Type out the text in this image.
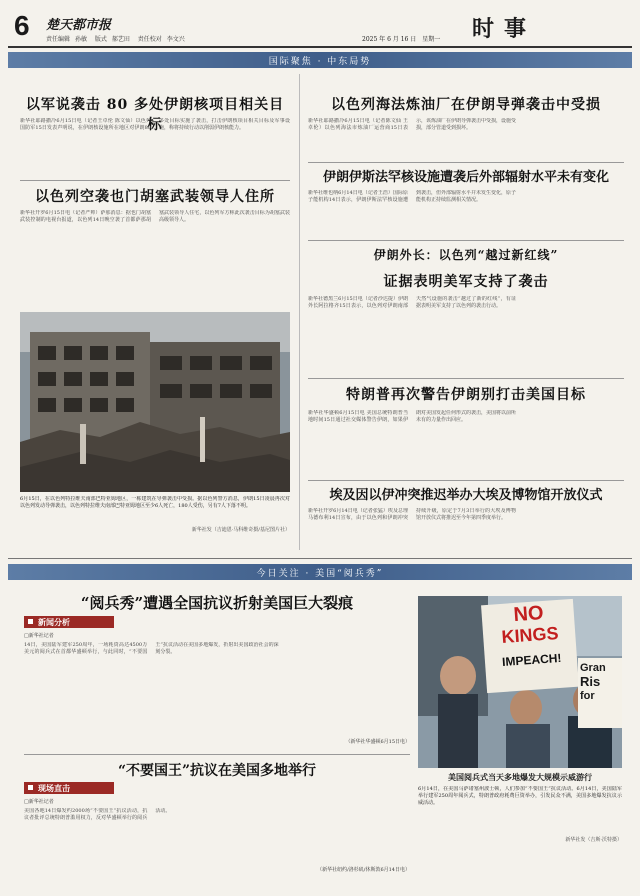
6 楚天都市报
责任编辑 孙敏 版式 郝艺田 责任校对 李文兴	2025 年 6 月 16 日 星期一 时事
国际聚焦 · 中东局势
以军说袭击 80 多处伊朗核项目相关目标
新华社耶路撒冷6月15日电（记者王卓伦 陈文仙）以色列国防军15日发表声明说，在伊朗核设施所在地区对伊朗80多处目标实施了袭击，打击伊朗核项目相关目标及军事设施，称将持续行动以削弱伊朗核能力。
以色列空袭也门胡塞武装领导人住所
新华社开罗6月15日电（记者严帅）萨那消息：据也门胡塞武装控制的电视台报道，以色列14日晚空袭了首都萨那胡塞武装领导人住宅，以色列军方称此次袭击目标为胡塞武装高级领导人。
6月15日，在以色列特拉维夫南部巴特亚姆地区，一栋建筑在导弹袭击中受损。据以色列警方消息，伊朗15日凌晨再次对以色列发动导弹袭击，以色列特拉维夫南部巴特亚姆地区至少6人死亡，180人受伤，另有7人下落不明。
新华社发（吉迪恩·马科维奇摄/基尼图片社）
以色列海法炼油厂在伊朗导弹袭击中受损
新华社耶路撒冷6月15日电（记者陈文仙 王卓伦）以色列海法市炼油厂运营商15日表示，该炼油厂在伊朗导弹袭击中受损，设施受损，部分管道受到损坏。
伊朗伊斯法罕核设施遭袭后外部辐射水平未有变化
新华社维也纳6月14日电（记者王浩）国际原子能机构14日表示，伊朗伊斯法罕核设施遭到袭击，但外部辐射水平并未发生变化，原子能机构正持续监测相关情况。
伊朗外长：以色列“越过新红线”
证据表明美军支持了袭击
新华社德黑兰6月15日电（记者沙达提）伊朗外长阿拉格齐15日表示，以色列对伊朗南部天然气设施的袭击“越过了新的红线”，有证据表明美军支持了以色列的袭击行动。
特朗普再次警告伊朗别打击美国目标
新华社华盛顿6月15日电 美国总统特朗普当地时间15日通过社交媒体警告伊朗，如果伊朗对美国发起任何形式的袭击，美国将以前所未有的力量作出回应。
埃及因以伊冲突推迟举办大埃及博物馆开放仪式
新华社开罗6月14日电（记者张猛）埃及总理马德布利14日宣布，由于以色列和伊朗冲突持续升级，原定于7月3日举行的大埃及博物馆开放仪式将推迟至今年第四季度举行。
今日关注 · 美国“阅兵秀”
“阅兵秀”遭遇全国抗议折射美国巨大裂痕
新闻分析
□新华社记者
14日，美国陆军建军250周年，一场耗资高达4500万美元的阅兵式在首都华盛顿举行，与此同时，“不要国王”抗议活动在美国多地爆发，折射出美国政治社会的深刻分裂。
（新华社华盛顿6月15日电）
“不要国王”抗议在美国多地举行
现场直击
□新华社记者
美国各地14日爆发约2000场“不要国王”抗议活动，抗议者批评总统特朗普滥用权力，反对华盛顿举行的阅兵活动。
（新华社纽约/洛杉矶/休斯敦6月14日电）
NO
KINGS
IMPEACH!	Gran
Ris
for
美国阅兵式当天多地爆发大规模示威游行
6月14日，在美国马萨诸塞州波士顿，人们参加“不要国王”抗议活动。6月14日，美国陆军举行建军250周年阅兵式，特朗普政府耗费巨资举办，引发民众不满，美国多地爆发抗议示威活动。
新华社发（吉斯·沃特摄）
